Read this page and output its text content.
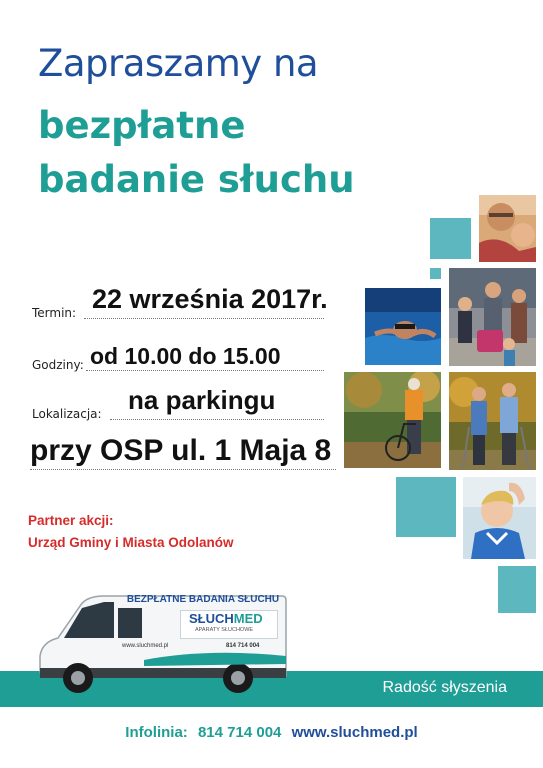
Zapraszamy na
bezpłatne
badanie słuchu
Termin: 22 września 2017r.
Godziny: od 10.00 do 15.00
Lokalizacja: na parkingu
przy OSP ul. 1 Maja 8
Partner akcji:
Urząd Gminy i Miasta Odolanów
Radość słyszenia
BEZPŁATNE BADANIA SŁUCHU
SŁUCHMED
APARATY SŁUCHOWE
www.sluchmed.pl	814 714 004
Infolinia: 814 714 004 www.sluchmed.pl
